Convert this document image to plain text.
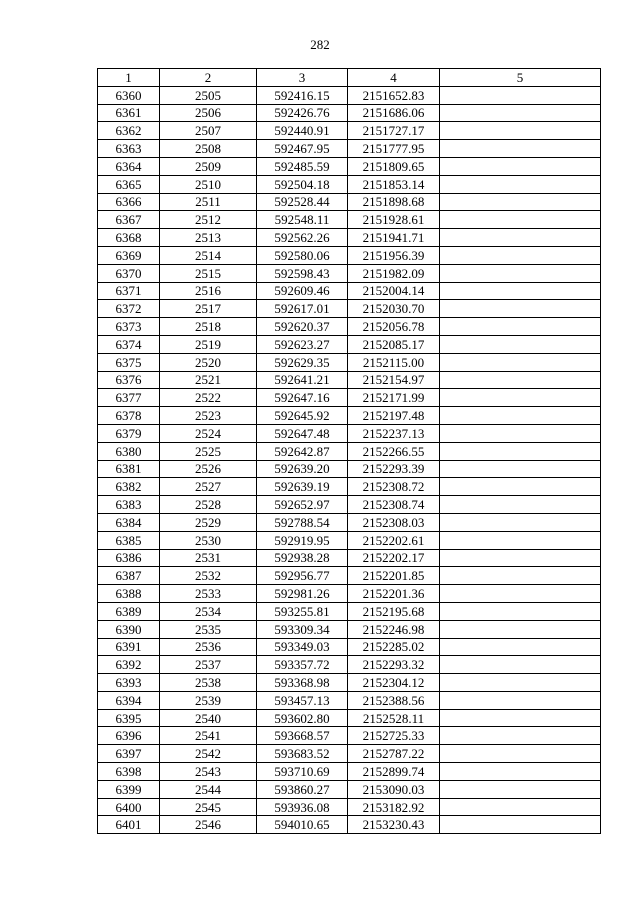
282
1	2	3	4	5
6360	2505	592416.15	2151652.83	
6361	2506	592426.76	2151686.06	
6362	2507	592440.91	2151727.17	
6363	2508	592467.95	2151777.95	
6364	2509	592485.59	2151809.65	
6365	2510	592504.18	2151853.14	
6366	2511	592528.44	2151898.68	
6367	2512	592548.11	2151928.61	
6368	2513	592562.26	2151941.71	
6369	2514	592580.06	2151956.39	
6370	2515	592598.43	2151982.09	
6371	2516	592609.46	2152004.14	
6372	2517	592617.01	2152030.70	
6373	2518	592620.37	2152056.78	
6374	2519	592623.27	2152085.17	
6375	2520	592629.35	2152115.00	
6376	2521	592641.21	2152154.97	
6377	2522	592647.16	2152171.99	
6378	2523	592645.92	2152197.48	
6379	2524	592647.48	2152237.13	
6380	2525	592642.87	2152266.55	
6381	2526	592639.20	2152293.39	
6382	2527	592639.19	2152308.72	
6383	2528	592652.97	2152308.74	
6384	2529	592788.54	2152308.03	
6385	2530	592919.95	2152202.61	
6386	2531	592938.28	2152202.17	
6387	2532	592956.77	2152201.85	
6388	2533	592981.26	2152201.36	
6389	2534	593255.81	2152195.68	
6390	2535	593309.34	2152246.98	
6391	2536	593349.03	2152285.02	
6392	2537	593357.72	2152293.32	
6393	2538	593368.98	2152304.12	
6394	2539	593457.13	2152388.56	
6395	2540	593602.80	2152528.11	
6396	2541	593668.57	2152725.33	
6397	2542	593683.52	2152787.22	
6398	2543	593710.69	2152899.74	
6399	2544	593860.27	2153090.03	
6400	2545	593936.08	2153182.92	
6401	2546	594010.65	2153230.43	
